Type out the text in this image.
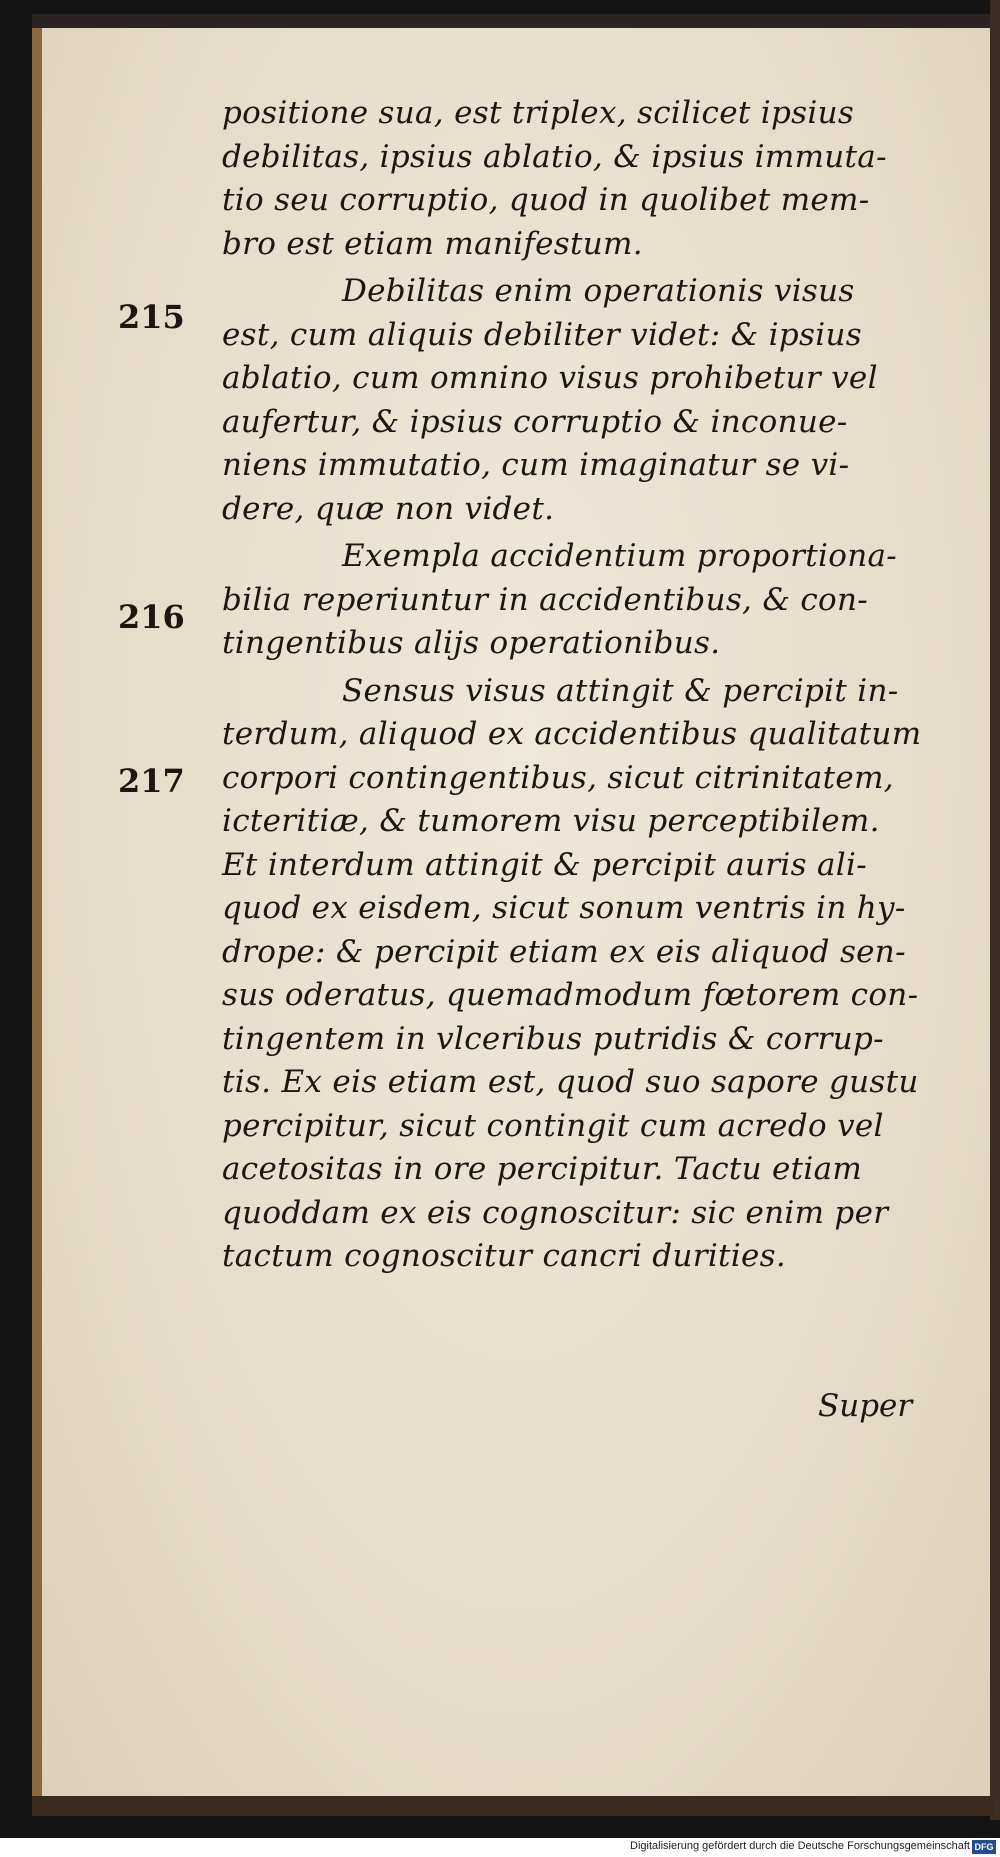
215
216
217
positione sua, est triplex, scilicet ipsius
debilitas, ipsius ablatio, & ipsius immuta-
tio seu corruptio, quod in quolibet mem-
bro est etiam manifestum.
Debilitas enim operationis visus
est, cum aliquis debiliter videt: & ipsius
ablatio, cum omnino visus prohibetur vel
aufertur, & ipsius corruptio & inconue-
niens immutatio, cum imaginatur se vi-
dere, quæ non videt.
Exempla accidentium proportiona-
bilia reperiuntur in accidentibus, & con-
tingentibus alijs operationibus.
Sensus visus attingit & percipit in-
terdum, aliquod ex accidentibus qualitatum
corpori contingentibus, sicut citrinitatem,
icteritiæ, & tumorem visu perceptibilem.
Et interdum attingit & percipit auris ali-
quod ex eisdem, sicut sonum ventris in hy-
drope: & percipit etiam ex eis aliquod sen-
sus oderatus, quemadmodum fœtorem con-
tingentem in vlceribus putridis & corrup-
tis. Ex eis etiam est, quod suo sapore gustu
percipitur, sicut contingit cum acredo vel
acetositas in ore percipitur. Tactu etiam
quoddam ex eis cognoscitur: sic enim per
tactum cognoscitur cancri durities.
Super
Digitalisierung gefördert durch die Deutsche Forschungsgemeinschaft DFG
